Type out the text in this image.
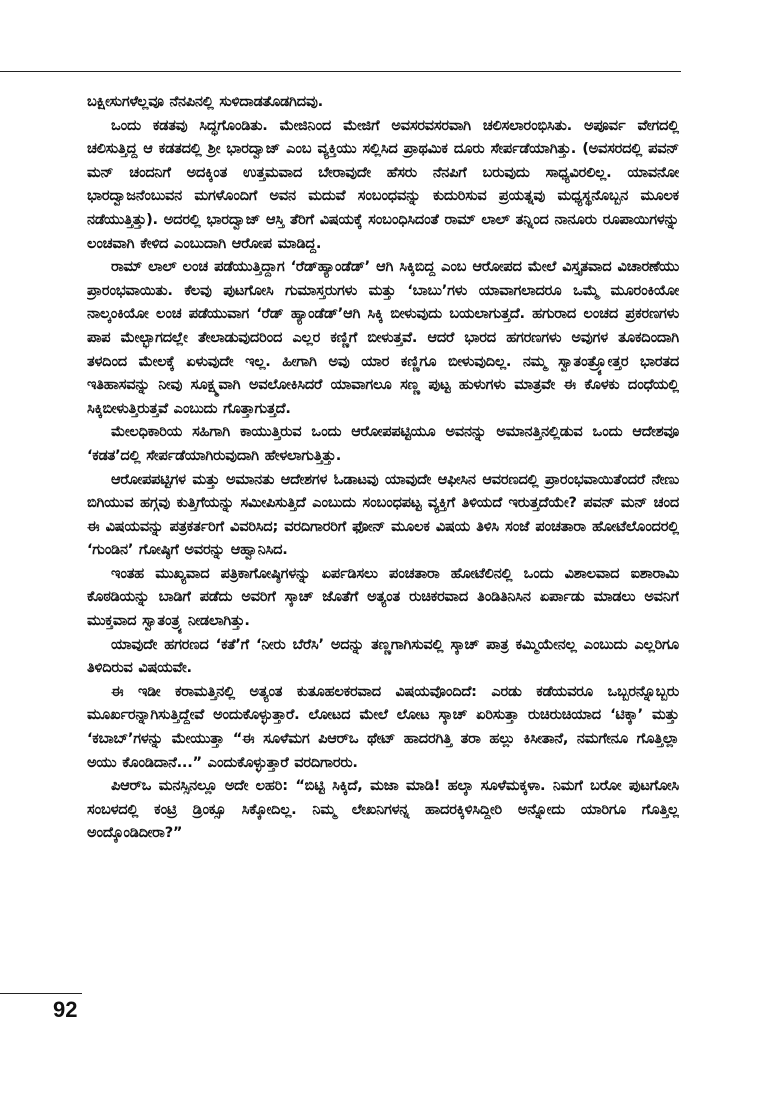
ಬಕ್ಷೀಸುಗಳೆಲ್ಲವೂ ನೆನಪಿನಲ್ಲಿ ಸುಳಿದಾಡತೊಡಗಿದವು.

ಒಂದು ಕಡತವು ಸಿದ್ಧಗೊಂಡಿತು. ಮೇಜಿನಿಂದ ಮೇಜಿಗೆ ಅವಸರವಸರವಾಗಿ ಚಲಿಸಲಾರಂಭಿಸಿತು. ಅಪೂರ್ವ ವೇಗದಲ್ಲಿ ಚಲಿಸುತ್ತಿದ್ದ ಆ ಕಡತದಲ್ಲಿ ಶ್ರೀ ಭಾರದ್ವಾಜ್ ಎಂಬ ವ್ಯಕ್ತಿಯು ಸಲ್ಲಿಸಿದ ಪ್ರಾಥಮಿಕ ದೂರು ಸೇರ್ಪಡೆಯಾಗಿತ್ತು. (ಅವಸರದಲ್ಲಿ ಪವನ್ ಮನ್ ಚಂದನಿಗೆ ಅದಕ್ಕಿಂತ ಉತ್ತಮವಾದ ಬೇರಾವುದೇ ಹೆಸರು ನೆನಪಿಗೆ ಬರುವುದು ಸಾಧ್ಯವಿರಲಿಲ್ಲ. ಯಾವನೋ ಭಾರದ್ವಾಜನೆಂಬುವನ ಮಗಳೊಂದಿಗೆ ಅವನ ಮದುವೆ ಸಂಬಂಧವನ್ನು ಕುದುರಿಸುವ ಪ್ರಯತ್ನವು ಮಧ್ಯಸ್ಥನೊಬ್ಬನ ಮೂಲಕ ನಡೆಯುತ್ತಿತ್ತು). ಅದರಲ್ಲಿ ಭಾರದ್ವಾಜ್ ಆಸ್ತಿ ತೆರಿಗೆ ವಿಷಯಕ್ಕೆ ಸಂಬಂಧಿಸಿದಂತೆ ರಾಮ್ ಲಾಲ್ ತನ್ನಿಂದ ನಾನೂರು ರೂಪಾಯಿಗಳನ್ನು ಲಂಚವಾಗಿ ಕೇಳಿದ ಎಂಬುದಾಗಿ ಆರೋಪ ಮಾಡಿದ್ದ.

ರಾಮ್ ಲಾಲ್ ಲಂಚ ಪಡೆಯುತ್ತಿದ್ದಾಗ ‘ರೆಡ್‌ಹ್ಯಾಂಡೆಡ್’ ಆಗಿ ಸಿಕ್ಕಿಬಿದ್ದ ಎಂಬ ಆರೋಪದ ಮೇಲೆ ವಿಸ್ತೃತವಾದ ವಿಚಾರಣೆಯು ಪ್ರಾರಂಭವಾಯಿತು. ಕೆಲವು ಪುಟಗೋಸಿ ಗುಮಾಸ್ತರುಗಳು ಮತ್ತು ‘ಬಾಬು’ಗಳು ಯಾವಾಗಲಾದರೂ ಒಮ್ಮೆ ಮೂರಂಕಿಯೋ ನಾಲ್ಕಂಕಿಯೋ ಲಂಚ ಪಡೆಯುವಾಗ ‘ರೆಡ್ ಹ್ಯಾಂಡೆಡ್’ಆಗಿ ಸಿಕ್ಕಿ ಬೀಳುವುದು ಬಯಲಾಗುತ್ತದೆ. ಹಗುರಾದ ಲಂಚದ ಪ್ರಕರಣಗಳು ಪಾಪ ಮೇಲ್ಭಾಗದಲ್ಲೇ ತೇಲಾಡುವುದರಿಂದ ಎಲ್ಲರ ಕಣ್ಣಿಗೆ ಬೀಳುತ್ತವೆ. ಆದರೆ ಭಾರದ ಹಗರಣಗಳು ಅವುಗಳ ತೂಕದಿಂದಾಗಿ ತಳದಿಂದ ಮೇಲಕ್ಕೆ ಏಳುವುದೇ ಇಲ್ಲ. ಹೀಗಾಗಿ ಅವು ಯಾರ ಕಣ್ಣಿಗೂ ಬೀಳುವುದಿಲ್ಲ. ನಮ್ಮ ಸ್ವಾತಂತ್ರ್ಯೋತ್ತರ ಭಾರತದ ಇತಿಹಾಸವನ್ನು ನೀವು ಸೂಕ್ಷ್ಮವಾಗಿ ಅವಲೋಕಿಸಿದರೆ ಯಾವಾಗಲೂ ಸಣ್ಣ ಪುಟ್ಟ ಹುಳುಗಳು ಮಾತ್ರವೇ ಈ ಕೊಳಕು ದಂಧೆಯಲ್ಲಿ ಸಿಕ್ಕಿಬೀಳುತ್ತಿರುತ್ತವೆ ಎಂಬುದು ಗೊತ್ತಾಗುತ್ತದೆ.

ಮೇಲಧಿಕಾರಿಯ ಸಹಿಗಾಗಿ ಕಾಯುತ್ತಿರುವ ಒಂದು ಆರೋಪಪಟ್ಟಿಯೂ ಅವನನ್ನು ಅಮಾನತ್ತಿನಲ್ಲಿಡುವ ಒಂದು ಆದೇಶವೂ ‘ಕಡತ’ದಲ್ಲಿ ಸೇರ್ಪಡೆಯಾಗಿರುವುದಾಗಿ ಹೇಳಲಾಗುತ್ತಿತ್ತು.

ಆರೋಪಪಟ್ಟಿಗಳ ಮತ್ತು ಅಮಾನತು ಆದೇಶಗಳ ಓಡಾಟವು ಯಾವುದೇ ಆಫೀಸಿನ ಆವರಣದಲ್ಲಿ ಪ್ರಾರಂಭವಾಯಿತೆಂದರೆ ನೇಣು ಬಿಗಿಯುವ ಹಗ್ಗವು ಕುತ್ತಿಗೆಯನ್ನು ಸಮೀಪಿಸುತ್ತಿದೆ ಎಂಬುದು ಸಂಬಂಧಪಟ್ಟ ವ್ಯಕ್ತಿಗೆ ತಿಳಿಯದೆ ಇರುತ್ತದೆಯೇ? ಪವನ್ ಮನ್ ಚಂದ ಈ ವಿಷಯವನ್ನು ಪತ್ರಕರ್ತರಿಗೆ ವಿವರಿಸಿದ; ವರದಿಗಾರರಿಗೆ ಫೋನ್ ಮೂಲಕ ವಿಷಯ ತಿಳಿಸಿ ಸಂಜೆ ಪಂಚತಾರಾ ಹೋಟೆಲೊಂದರಲ್ಲಿ ‘ಗುಂಡಿನ’ ಗೋಷ್ಠಿಗೆ ಅವರನ್ನು ಆಹ್ವಾನಿಸಿದ.

ಇಂತಹ ಮುಖ್ಯವಾದ ಪತ್ರಿಕಾಗೋಷ್ಠಿಗಳನ್ನು ಏರ್ಪಡಿಸಲು ಪಂಚತಾರಾ ಹೋಟೆಲಿನಲ್ಲಿ ಒಂದು ವಿಶಾಲವಾದ ಐಶಾರಾಮಿ ಕೊಠಡಿಯನ್ನು ಬಾಡಿಗೆ ಪಡೆದು ಅವರಿಗೆ ಸ್ಕಾಚ್ ಜೊತೆಗೆ ಅತ್ಯಂತ ರುಚಿಕರವಾದ ತಿಂಡಿತಿನಿಸಿನ ಏರ್ಪಾಡು ಮಾಡಲು ಅವನಿಗೆ ಮುಕ್ತವಾದ ಸ್ವಾತಂತ್ರ್ಯ ನೀಡಲಾಗಿತ್ತು.

ಯಾವುದೇ ಹಗರಣದ ‘ಕತೆ’ಗೆ ‘ನೀರು ಬೆರೆಸಿ’ ಅದನ್ನು ತಣ್ಣಗಾಗಿಸುವಲ್ಲಿ ಸ್ಕಾಚ್ ಪಾತ್ರ ಕಮ್ಮಿಯೇನಲ್ಲ ಎಂಬುದು ಎಲ್ಲರಿಗೂ ತಿಳಿದಿರುವ ವಿಷಯವೇ.

ಈ ಇಡೀ ಕರಾಮತ್ತಿನಲ್ಲಿ ಅತ್ಯಂತ ಕುತೂಹಲಕರವಾದ ವಿಷಯವೊಂದಿದೆ: ಎರಡು ಕಡೆಯವರೂ ಒಬ್ಬರನ್ನೊಬ್ಬರು ಮೂರ್ಖರನ್ನಾಗಿಸುತ್ತಿದ್ದೇವೆ ಅಂದುಕೊಳ್ಳುತ್ತಾರೆ. ಲೋಟದ ಮೇಲೆ ಲೋಟ ಸ್ಕಾಚ್ ಏರಿಸುತ್ತಾ ರುಚಿರುಚಿಯಾದ ‘ಟಿಕ್ಕಾ’ ಮತ್ತು ‘ಕಬಾಬ್’ಗಳನ್ನು ಮೇಯುತ್ತಾ “ಈ ಸೂಳೆಮಗ ಪಿಆರ್‌ಒ ಥೇಟ್ ಹಾದರಗಿತ್ತಿ ತರಾ ಹಲ್ಲು ಕಿಸೀತಾನೆ, ನಮಗೇನೂ ಗೊತ್ತಿಲ್ಲಾ ಅಯು ಕೊಂಡಿದಾನೆ...” ಎಂದುಕೊಳ್ಳುತ್ತಾರೆ ವರದಿಗಾರರು.

ಪಿಆರ್‌ಒ ಮನಸ್ಸಿನಲ್ಲೂ ಅದೇ ಲಹರಿ: “ಬಿಟ್ಟಿ ಸಿಕ್ಕಿದೆ, ಮಜಾ ಮಾಡಿ! ಹಲ್ಕಾ ಸೂಳೆಮಕ್ಕಳಾ. ನಿಮಗೆ ಬರೋ ಪುಟಗೋಸಿ ಸಂಬಳದಲ್ಲಿ ಕಂಟ್ರಿ ಡ್ರಿಂಕ್ಸೂ ಸಿಕ್ಕೋದಿಲ್ಲ. ನಿಮ್ಮ ಲೇಖನಿಗಳನ್ನ ಹಾದರಕ್ಕಿಳಿಸಿದ್ದೀರಿ ಅನ್ನೋದು ಯಾರಿಗೂ ಗೊತ್ತಿಲ್ಲ ಅಂದ್ಕೊಂಡಿದೀರಾ?”

92
